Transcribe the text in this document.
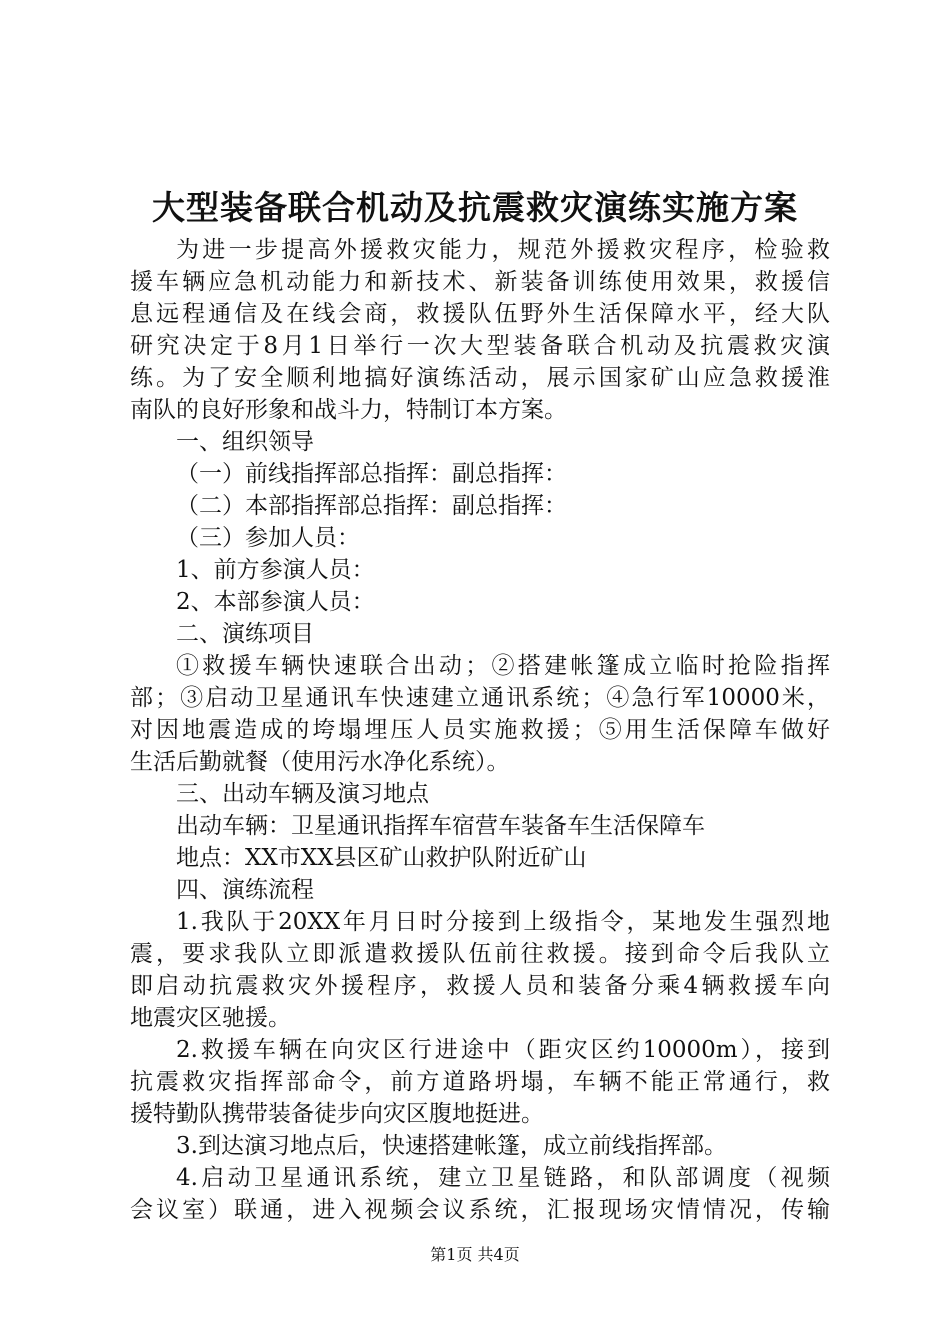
大型装备联合机动及抗震救灾演练实施方案

为进一步提高外援救灾能力，规范外援救灾程序，检验救
援车辆应急机动能力和新技术、新装备训练使用效果，救援信
息远程通信及在线会商，救援队伍野外生活保障水平，经大队
研究决定于8月1日举行一次大型装备联合机动及抗震救灾演
练。为了安全顺利地搞好演练活动，展示国家矿山应急救援淮
南队的良好形象和战斗力，特制订本方案。

一、组织领导

（一）前线指挥部总指挥：副总指挥：

（二）本部指挥部总指挥：副总指挥：

（三）参加人员：

1、前方参演人员：

2、本部参演人员：

二、演练项目

①救援车辆快速联合出动；②搭建帐篷成立临时抢险指挥
部；③启动卫星通讯车快速建立通讯系统；④急行军10000米，
对因地震造成的垮塌埋压人员实施救援；⑤用生活保障车做好
生活后勤就餐（使用污水净化系统）。

三、出动车辆及演习地点

出动车辆：卫星通讯指挥车宿营车装备车生活保障车

地点：XX市XX县区矿山救护队附近矿山

四、演练流程

1.我队于20XX年月日时分接到上级指令，某地发生强烈地
震，要求我队立即派遣救援队伍前往救援。接到命令后我队立
即启动抗震救灾外援程序，救援人员和装备分乘4辆救援车向
地震灾区驰援。

2.救援车辆在向灾区行进途中（距灾区约10000m），接到
抗震救灾指挥部命令，前方道路坍塌，车辆不能正常通行，救
援特勤队携带装备徒步向灾区腹地挺进。

3.到达演习地点后，快速搭建帐篷，成立前线指挥部。

4.启动卫星通讯系统，建立卫星链路，和队部调度（视频
会议室）联通，进入视频会议系统，汇报现场灾情情况，传输

第1页 共4页
